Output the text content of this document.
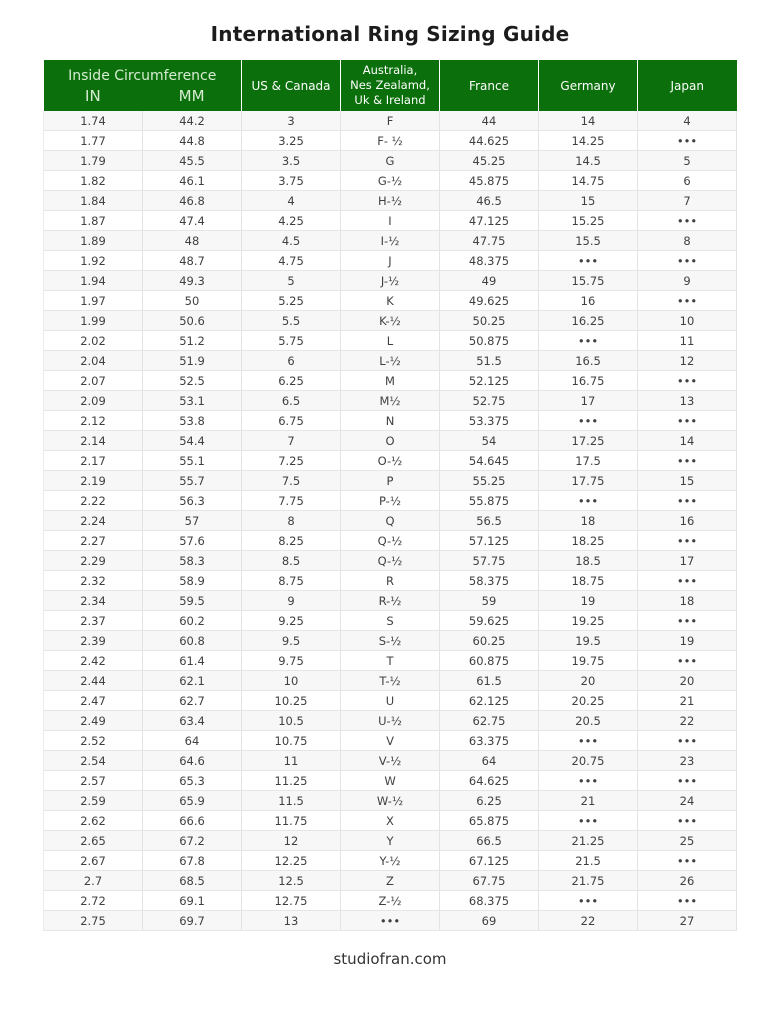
International Ring Sizing Guide
Inside Circumference
IN MM		US & Canada	Australia,
Nes Zealamd,
Uk & Ireland	France	Germany	Japan
1.74	44.2	3	F	44	14	4
1.77	44.8	3.25	F- ½	44.625	14.25	•••
1.79	45.5	3.5	G	45.25	14.5	5
1.82	46.1	3.75	G-½	45.875	14.75	6
1.84	46.8	4	H-½	46.5	15	7
1.87	47.4	4.25	I	47.125	15.25	•••
1.89	48	4.5	I-½	47.75	15.5	8
1.92	48.7	4.75	J	48.375	•••	•••
1.94	49.3	5	J-½	49	15.75	9
1.97	50	5.25	K	49.625	16	•••
1.99	50.6	5.5	K-½	50.25	16.25	10
2.02	51.2	5.75	L	50.875	•••	11
2.04	51.9	6	L-½	51.5	16.5	12
2.07	52.5	6.25	M	52.125	16.75	•••
2.09	53.1	6.5	M½	52.75	17	13
2.12	53.8	6.75	N	53.375	•••	•••
2.14	54.4	7	O	54	17.25	14
2.17	55.1	7.25	O-½	54.645	17.5	•••
2.19	55.7	7.5	P	55.25	17.75	15
2.22	56.3	7.75	P-½	55.875	•••	•••
2.24	57	8	Q	56.5	18	16
2.27	57.6	8.25	Q-½	57.125	18.25	•••
2.29	58.3	8.5	Q-½	57.75	18.5	17
2.32	58.9	8.75	R	58.375	18.75	•••
2.34	59.5	9	R-½	59	19	18
2.37	60.2	9.25	S	59.625	19.25	•••
2.39	60.8	9.5	S-½	60.25	19.5	19
2.42	61.4	9.75	T	60.875	19.75	•••
2.44	62.1	10	T-½	61.5	20	20
2.47	62.7	10.25	U	62.125	20.25	21
2.49	63.4	10.5	U-½	62.75	20.5	22
2.52	64	10.75	V	63.375	•••	•••
2.54	64.6	11	V-½	64	20.75	23
2.57	65.3	11.25	W	64.625	•••	•••
2.59	65.9	11.5	W-½	6.25	21	24
2.62	66.6	11.75	X	65.875	•••	•••
2.65	67.2	12	Y	66.5	21.25	25
2.67	67.8	12.25	Y-½	67.125	21.5	•••
2.7	68.5	12.5	Z	67.75	21.75	26
2.72	69.1	12.75	Z-½	68.375	•••	•••
2.75	69.7	13	•••	69	22	27
studiofran.com
